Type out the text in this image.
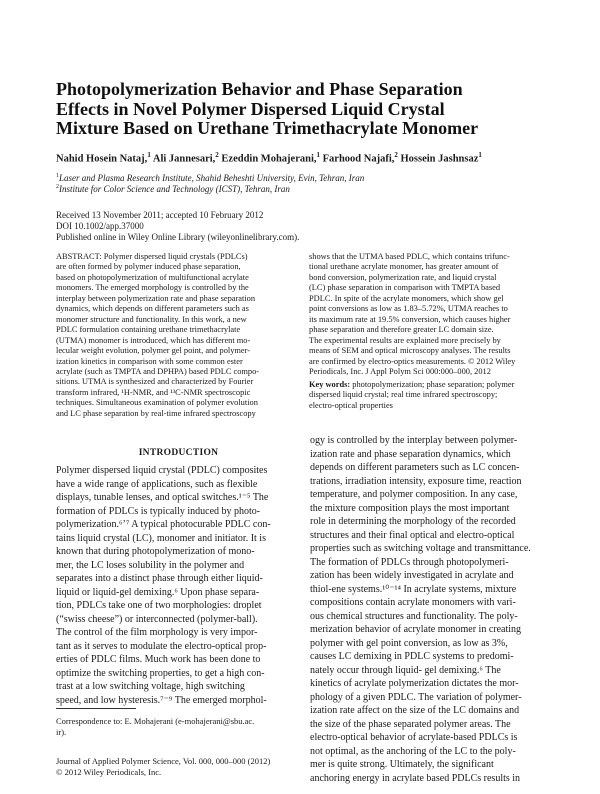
Photopolymerization Behavior and Phase Separation
Effects in Novel Polymer Dispersed Liquid Crystal
Mixture Based on Urethane Trimethacrylate Monomer
Nahid Hosein Nataj,$^1$ Ali Jannesari,$^2$ Ezeddin Mohajerani,$^1$ Farhood Najafi,$^2$ Hossein Jashnsaz$^1$
$^1$Laser and Plasma Research Institute, Shahid Beheshti University, Evin, Tehran, Iran
$^2$Institute for Color Science and Technology (ICST), Tehran, Iran
Received 13 November 2011; accepted 10 February 2012
DOI 10.1002/app.37000
Published online in Wiley Online Library (wileyonlinelibrary.com).
ABSTRACT: Polymer dispersed liquid crystals (PDLCs)
are often formed by polymer induced phase separation,
based on photopolymerization of multifunctional acrylate
monomers. The emerged morphology is controlled by the
interplay between polymerization rate and phase separation
dynamics, which depends on different parameters such as
monomer structure and functionality. In this work, a new
PDLC formulation containing urethane trimethacrylate
(UTMA) monomer is introduced, which has different mo-
lecular weight evolution, polymer gel point, and polymer-
ization kinetics in comparison with some common ester
acrylate (such as TMPTA and DPHPA) based PDLC compo-
sitions. UTMA is synthesized and characterized by Fourier
transform infrared, ¹H-NMR, and ¹³C-NMR spectroscopic
techniques. Simultaneous examination of polymer evolution
and LC phase separation by real-time infrared spectroscopy
shows that the UTMA based PDLC, which contains trifunc-
tional urethane acrylate monomer, has greater amount of
bond conversion, polymerization rate, and liquid crystal
(LC) phase separation in comparison with TMPTA based
PDLC. In spite of the acrylate monomers, which show gel
point conversions as low as 1.83–5.72%, UTMA reaches to
its maximum rate at 19.5% conversion, which causes higher
phase separation and therefore greater LC domain size.
The experimental results are explained more precisely by
means of SEM and optical microscopy analyses. The results
are confirmed by electro-optics measurements. © 2012 Wiley
Periodicals, Inc. J Appl Polym Sci 000:000–000, 2012
Key words: photopolymerization; phase separation; polymer
dispersed liquid crystal; real time infrared spectroscopy;
electro-optical properties
INTRODUCTION
Polymer dispersed liquid crystal (PDLC) composites
have a wide range of applications, such as flexible
displays, tunable lenses, and optical switches.¹⁻⁵ The
formation of PDLCs is typically induced by photo-
polymerization.⁶ʼ⁷ A typical photocurable PDLC con-
tains liquid crystal (LC), monomer and initiator. It is
known that during photopolymerization of mono-
mer, the LC loses solubility in the polymer and
separates into a distinct phase through either liquid-
liquid or liquid-gel demixing.⁶ Upon phase separa-
tion, PDLCs take one of two morphologies: droplet
(“swiss cheese”) or interconnected (polymer-ball).
The control of the film morphology is very impor-
tant as it serves to modulate the electro-optical prop-
erties of PDLC films. Much work has been done to
optimize the switching properties, to get a high con-
trast at a low switching voltage, high switching
speed, and low hysteresis.⁷⁻⁹ The emerged morphol-
Correspondence to: E. Mohajerani (e-mohajerani@sbu.ac.
ir).
Journal of Applied Polymer Science, Vol. 000, 000–000 (2012)
© 2012 Wiley Periodicals, Inc.
ogy is controlled by the interplay between polymer-
ization rate and phase separation dynamics, which
depends on different parameters such as LC concen-
trations, irradiation intensity, exposure time, reaction
temperature, and polymer composition. In any case,
the mixture composition plays the most important
role in determining the morphology of the recorded
structures and their final optical and electro-optical
properties such as switching voltage and transmittance.
The formation of PDLCs through photopolymeri-
zation has been widely investigated in acrylate and
thiol-ene systems.¹⁰⁻¹⁴ In acrylate systems, mixture
compositions contain acrylate monomers with vari-
ous chemical structures and functionality. The poly-
merization behavior of acrylate monomer in creating
polymer with gel point conversion, as low as 3%,
causes LC demixing in PDLC systems to predomi-
nately occur through liquid- gel demixing.⁶ The
kinetics of acrylate polymerization dictates the mor-
phology of a given PDLC. The variation of polymer-
ization rate affect on the size of the LC domains and
the size of the phase separated polymer areas. The
electro-optical behavior of acrylate-based PDLCs is
not optimal, as the anchoring of the LC to the poly-
mer is quite strong. Ultimately, the significant
anchoring energy in acrylate based PDLCs results in
